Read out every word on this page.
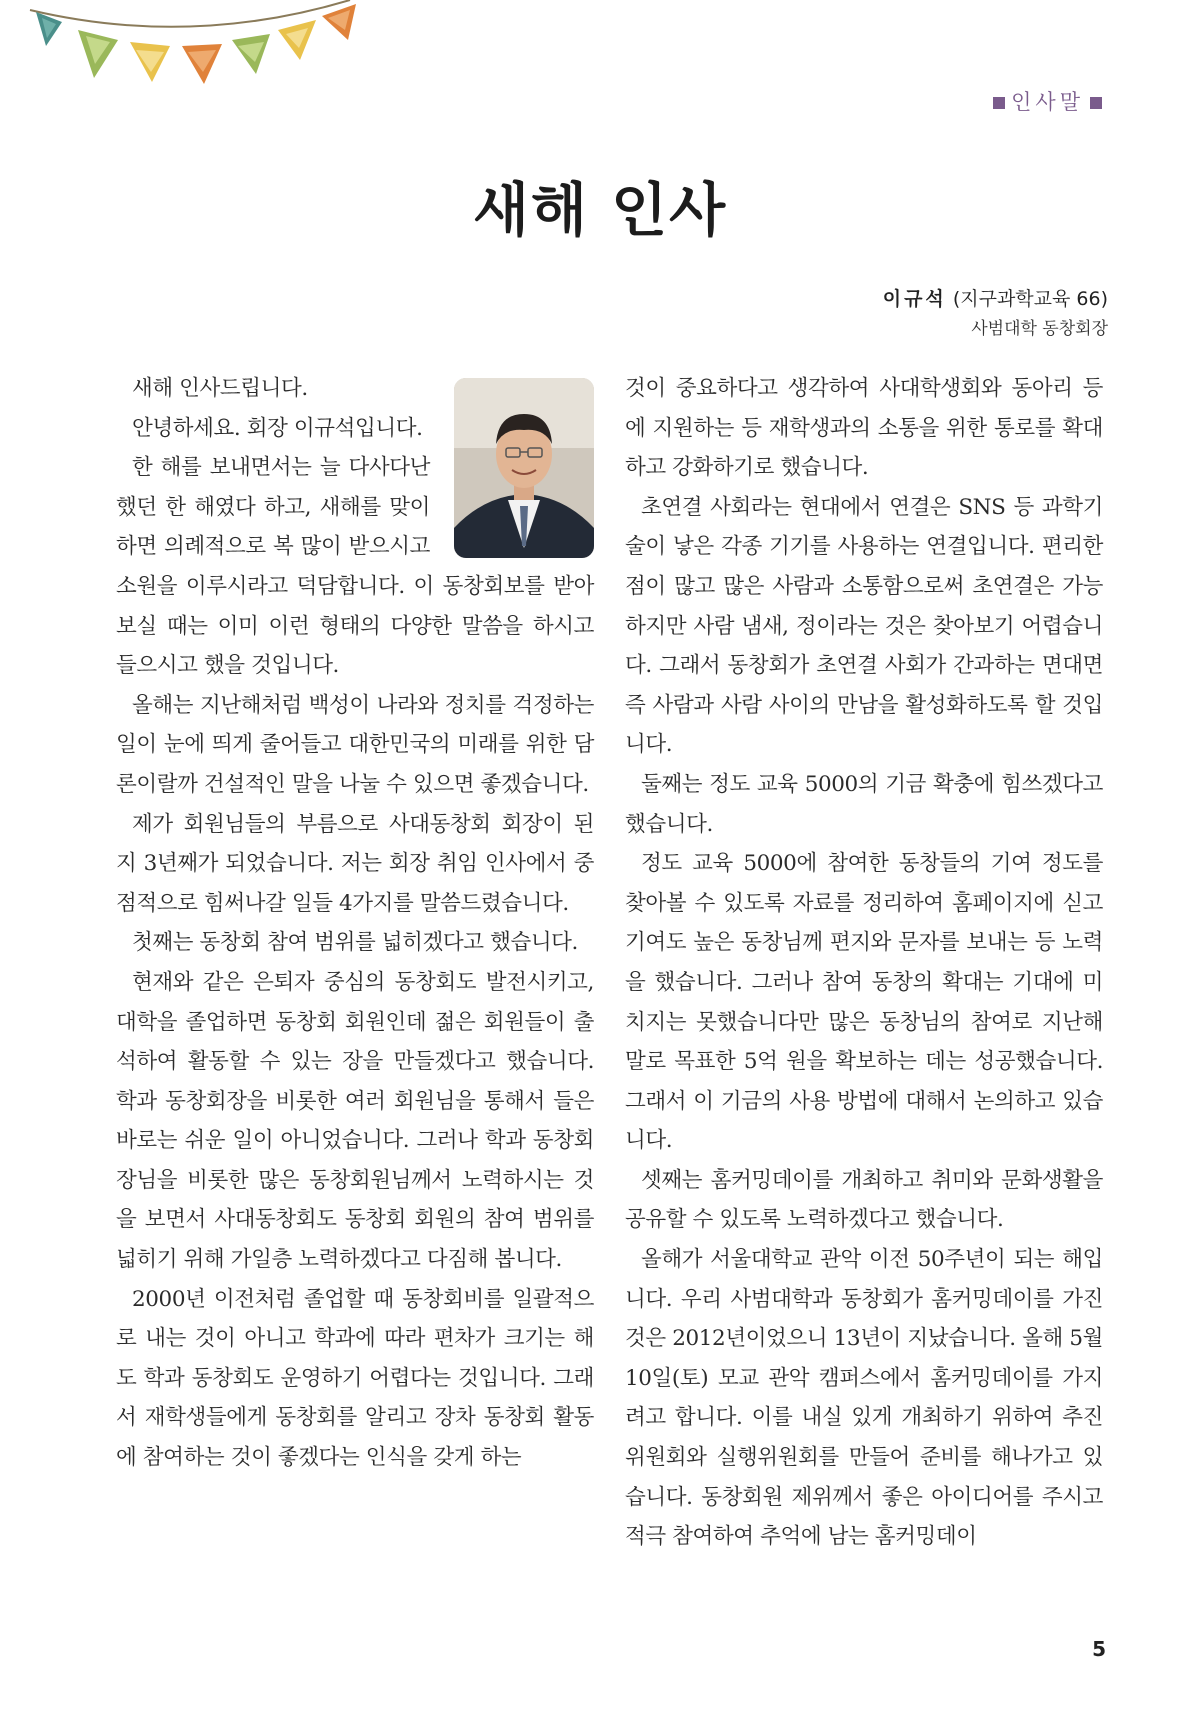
인사말
새해 인사
이규석 (지구과학교육 66)
사범대학 동창회장

새해 인사드립니다.

안녕하세요. 회장 이규석입니다.

한 해를 보내면서는 늘 다사다난했던 한 해였다 하고, 새해를 맞이하면 의례적으로 복 많이 받으시고 소원을 이루시라고 덕담합니다. 이 동창회보를 받아보실 때는 이미 이런 형태의 다양한 말씀을 하시고 들으시고 했을 것입니다.

올해는 지난해처럼 백성이 나라와 정치를 걱정하는 일이 눈에 띄게 줄어들고 대한민국의 미래를 위한 담론이랄까 건설적인 말을 나눌 수 있으면 좋겠습니다.

제가 회원님들의 부름으로 사대동창회 회장이 된 지 3년째가 되었습니다. 저는 회장 취임 인사에서 중점적으로 힘써나갈 일들 4가지를 말씀드렸습니다.

첫째는 동창회 참여 범위를 넓히겠다고 했습니다.

현재와 같은 은퇴자 중심의 동창회도 발전시키고, 대학을 졸업하면 동창회 회원인데 젊은 회원들이 출석하여 활동할 수 있는 장을 만들겠다고 했습니다. 학과 동창회장을 비롯한 여러 회원님을 통해서 들은 바로는 쉬운 일이 아니었습니다. 그러나 학과 동창회장님을 비롯한 많은 동창회원님께서 노력하시는 것을 보면서 사대동창회도 동창회 회원의 참여 범위를 넓히기 위해 가일층 노력하겠다고 다짐해 봅니다.

2000년 이전처럼 졸업할 때 동창회비를 일괄적으로 내는 것이 아니고 학과에 따라 편차가 크기는 해도 학과 동창회도 운영하기 어렵다는 것입니다. 그래서 재학생들에게 동창회를 알리고 장차 동창회 활동에 참여하는 것이 좋겠다는 인식을 갖게 하는

것이 중요하다고 생각하여 사대학생회와 동아리 등에 지원하는 등 재학생과의 소통을 위한 통로를 확대하고 강화하기로 했습니다.

초연결 사회라는 현대에서 연결은 SNS 등 과학기술이 낳은 각종 기기를 사용하는 연결입니다. 편리한 점이 많고 많은 사람과 소통함으로써 초연결은 가능하지만 사람 냄새, 정이라는 것은 찾아보기 어렵습니다. 그래서 동창회가 초연결 사회가 간과하는 면대면 즉 사람과 사람 사이의 만남을 활성화하도록 할 것입니다.

둘째는 정도 교육 5000의 기금 확충에 힘쓰겠다고 했습니다.

정도 교육 5000에 참여한 동창들의 기여 정도를 찾아볼 수 있도록 자료를 정리하여 홈페이지에 싣고 기여도 높은 동창님께 편지와 문자를 보내는 등 노력을 했습니다. 그러나 참여 동창의 확대는 기대에 미치지는 못했습니다만 많은 동창님의 참여로 지난해 말로 목표한 5억 원을 확보하는 데는 성공했습니다. 그래서 이 기금의 사용 방법에 대해서 논의하고 있습니다.

셋째는 홈커밍데이를 개최하고 취미와 문화생활을 공유할 수 있도록 노력하겠다고 했습니다.

올해가 서울대학교 관악 이전 50주년이 되는 해입니다. 우리 사범대학과 동창회가 홈커밍데이를 가진 것은 2012년이었으니 13년이 지났습니다. 올해 5월 10일(토) 모교 관악 캠퍼스에서 홈커밍데이를 가지려고 합니다. 이를 내실 있게 개최하기 위하여 추진위원회와 실행위원회를 만들어 준비를 해나가고 있습니다. 동창회원 제위께서 좋은 아이디어를 주시고 적극 참여하여 추억에 남는 홈커밍데이

5
